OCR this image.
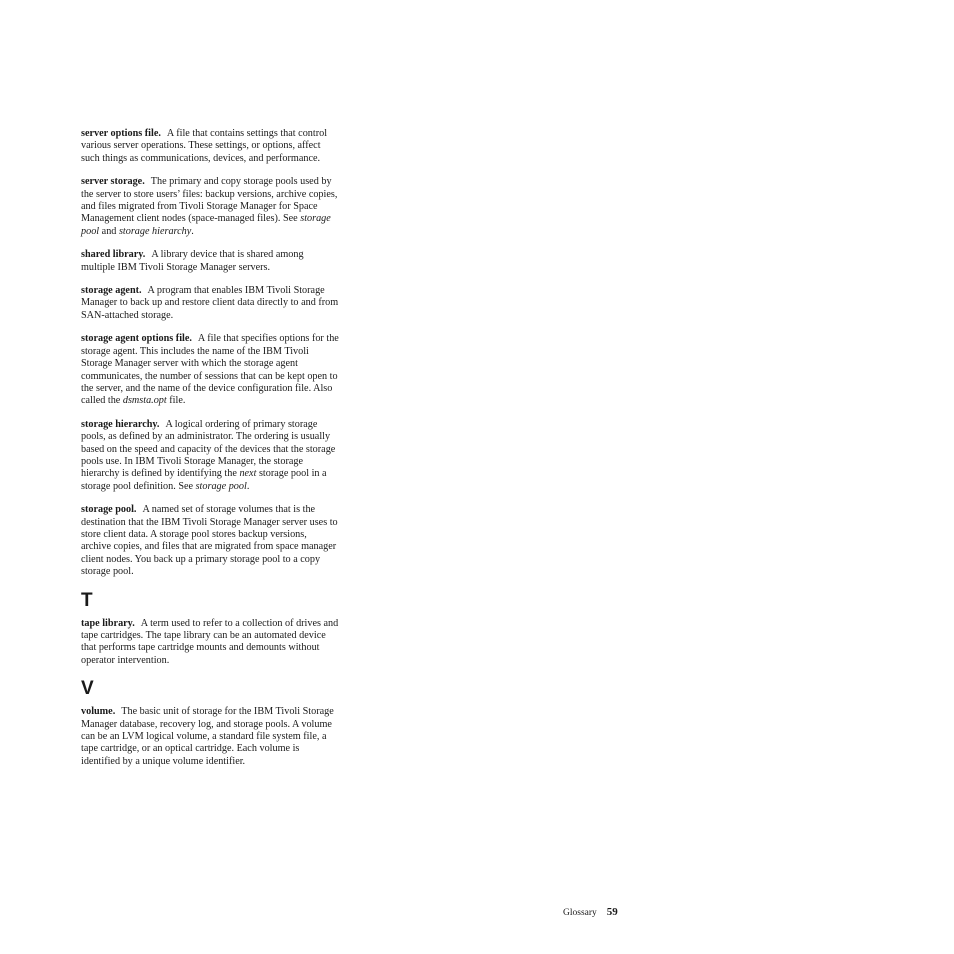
server options file. A file that contains settings that control various server operations. These settings, or options, affect such things as communications, devices, and performance.

server storage. The primary and copy storage pools used by the server to store users’ files: backup versions, archive copies, and files migrated from Tivoli Storage Manager for Space Management client nodes (space-managed files). See storage pool and storage hierarchy.

shared library. A library device that is shared among multiple IBM Tivoli Storage Manager servers.

storage agent. A program that enables IBM Tivoli Storage Manager to back up and restore client data directly to and from SAN-attached storage.

storage agent options file. A file that specifies options for the storage agent. This includes the name of the IBM Tivoli Storage Manager server with which the storage agent communicates, the number of sessions that can be kept open to the server, and the name of the device configuration file. Also called the dsmsta.opt file.

storage hierarchy. A logical ordering of primary storage pools, as defined by an administrator. The ordering is usually based on the speed and capacity of the devices that the storage pools use. In IBM Tivoli Storage Manager, the storage hierarchy is defined by identifying the next storage pool in a storage pool definition. See storage pool.

storage pool. A named set of storage volumes that is the destination that the IBM Tivoli Storage Manager server uses to store client data. A storage pool stores backup versions, archive copies, and files that are migrated from space manager client nodes. You back up a primary storage pool to a copy storage pool.

T

tape library. A term used to refer to a collection of drives and tape cartridges. The tape library can be an automated device that performs tape cartridge mounts and demounts without operator intervention.

V

volume. The basic unit of storage for the IBM Tivoli Storage Manager database, recovery log, and storage pools. A volume can be an LVM logical volume, a standard file system file, a tape cartridge, or an optical cartridge. Each volume is identified by a unique volume identifier.

Glossary 59
